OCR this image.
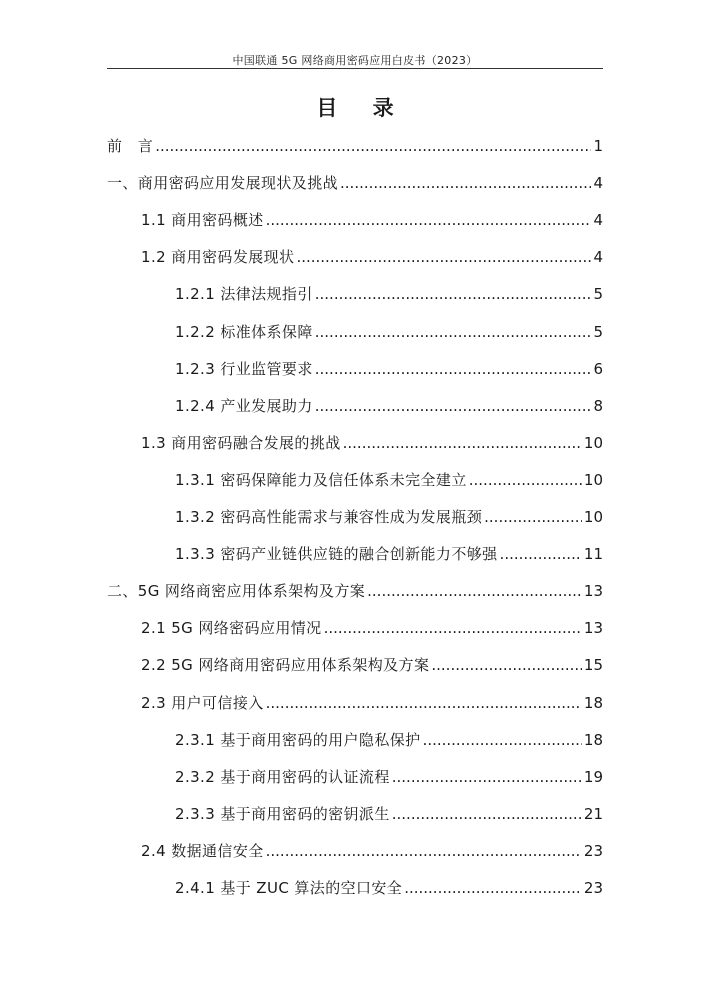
中国联通 5G 网络商用密码应用白皮书（2023）
目 录
前　言 .....	1
一、商用密码应用发展现状及挑战 .....	4
1.1 商用密码概述 .....	4
1.2 商用密码发展现状 .....	4
1.2.1 法律法规指引 .....	5
1.2.2 标准体系保障 .....	5
1.2.3 行业监管要求 .....	6
1.2.4 产业发展助力 .....	8
1.3 商用密码融合发展的挑战 .....	10
1.3.1 密码保障能力及信任体系未完全建立 .....	10
1.3.2 密码高性能需求与兼容性成为发展瓶颈 .....	10
1.3.3 密码产业链供应链的融合创新能力不够强 .....	11
二、5G 网络商密应用体系架构及方案 .....	13
2.1 5G 网络密码应用情况 .....	13
2.2 5G 网络商用密码应用体系架构及方案 .....	15
2.3 用户可信接入 .....	18
2.3.1 基于商用密码的用户隐私保护 .....	18
2.3.2 基于商用密码的认证流程 .....	19
2.3.3 基于商用密码的密钥派生 .....	21
2.4 数据通信安全 .....	23
2.4.1 基于 ZUC 算法的空口安全 .....	23
